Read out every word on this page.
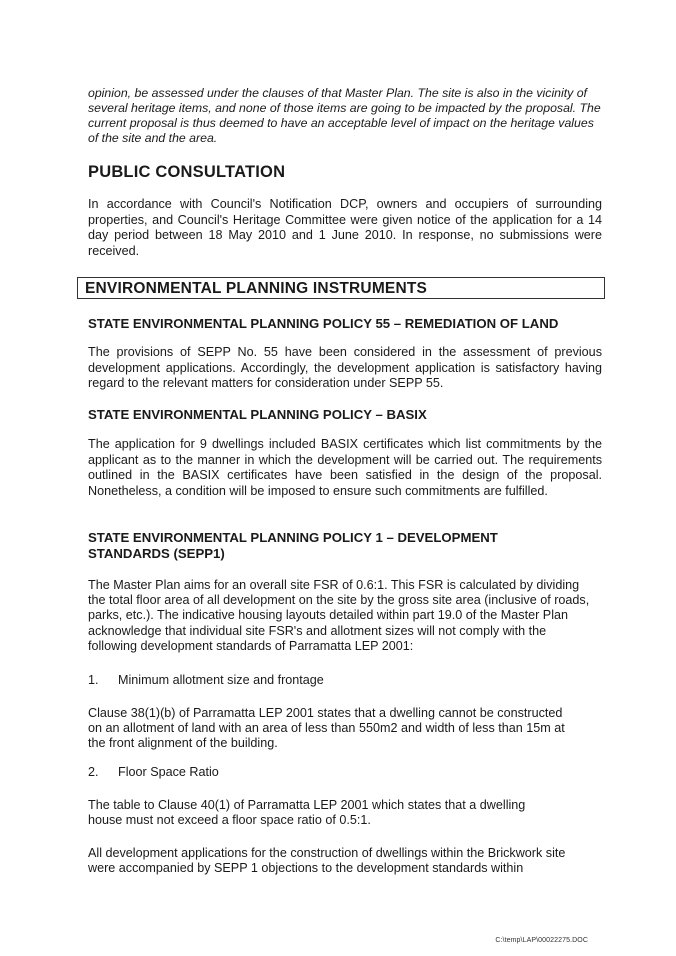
opinion, be assessed under the clauses of that Master Plan. The site is also in the vicinity of several heritage items, and none of those items are going to be impacted by the proposal. The current proposal is thus deemed to have an acceptable level of impact on the heritage values of the site and the area.
PUBLIC CONSULTATION
In accordance with Council's Notification DCP, owners and occupiers of surrounding properties, and Council's Heritage Committee were given notice of the application for a 14 day period between 18 May 2010 and 1 June 2010. In response, no submissions were received.
ENVIRONMENTAL PLANNING INSTRUMENTS
STATE ENVIRONMENTAL PLANNING POLICY 55 – REMEDIATION OF LAND
The provisions of SEPP No. 55 have been considered in the assessment of previous development applications. Accordingly, the development application is satisfactory having regard to the relevant matters for consideration under SEPP 55.
STATE ENVIRONMENTAL PLANNING POLICY – BASIX
The application for 9 dwellings included BASIX certificates which list commitments by the applicant as to the manner in which the development will be carried out. The requirements outlined in the BASIX certificates have been satisfied in the design of the proposal. Nonetheless, a condition will be imposed to ensure such commitments are fulfilled.
STATE ENVIRONMENTAL PLANNING POLICY 1 – DEVELOPMENT STANDARDS (SEPP1)
The Master Plan aims for an overall site FSR of 0.6:1. This FSR is calculated by dividing the total floor area of all development on the site by the gross site area (inclusive of roads, parks, etc.). The indicative housing layouts detailed within part 19.0 of the Master Plan acknowledge that individual site FSR's and allotment sizes will not comply with the following development standards of Parramatta LEP 2001:
1. Minimum allotment size and frontage
Clause 38(1)(b) of Parramatta LEP 2001 states that a dwelling cannot be constructed on an allotment of land with an area of less than 550m2 and width of less than 15m at the front alignment of the building.
2. Floor Space Ratio
The table to Clause 40(1) of Parramatta LEP 2001 which states that a dwelling house must not exceed a floor space ratio of 0.5:1.
All development applications for the construction of dwellings within the Brickwork site were accompanied by SEPP 1 objections to the development standards within
C:\temp\LAP\00022275.DOC
